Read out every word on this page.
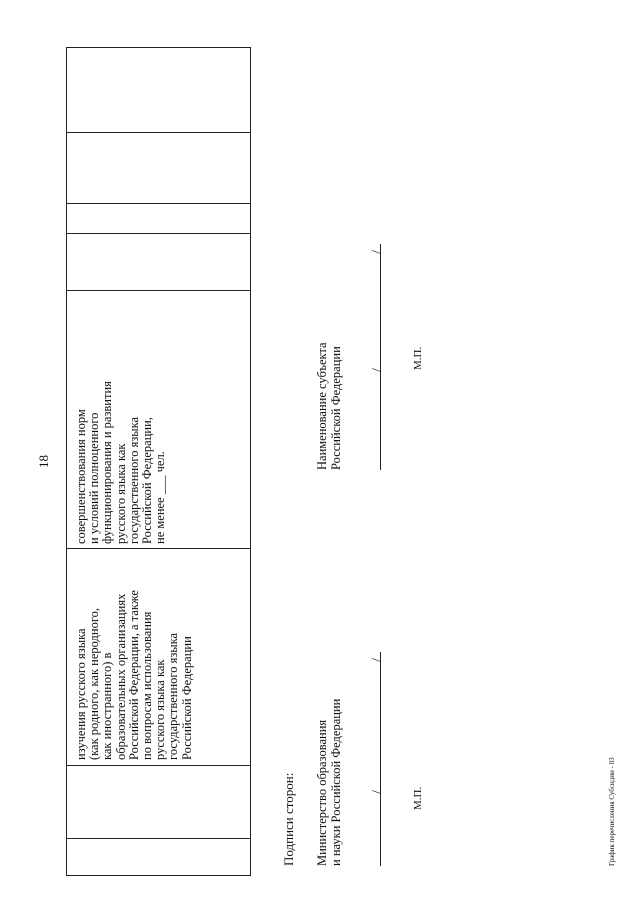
18
изучения русского языка (как родного, как неродного, как иностранного) в образовательных организациях Российской Федерации, а также по вопросам использования русского языка как государственного языка Российской Федерации
совершенствования норм и условий полноценного функционирования и развития русского языка как государственного языка Российской Федерации, не менее ___ чел.
Подписи сторон: Министерство образования и науки Российской Федерации /
/
М.П.
Наименование субъекта Российской Федерации /
/
М.П.
График перечисления Субсидии - 03
